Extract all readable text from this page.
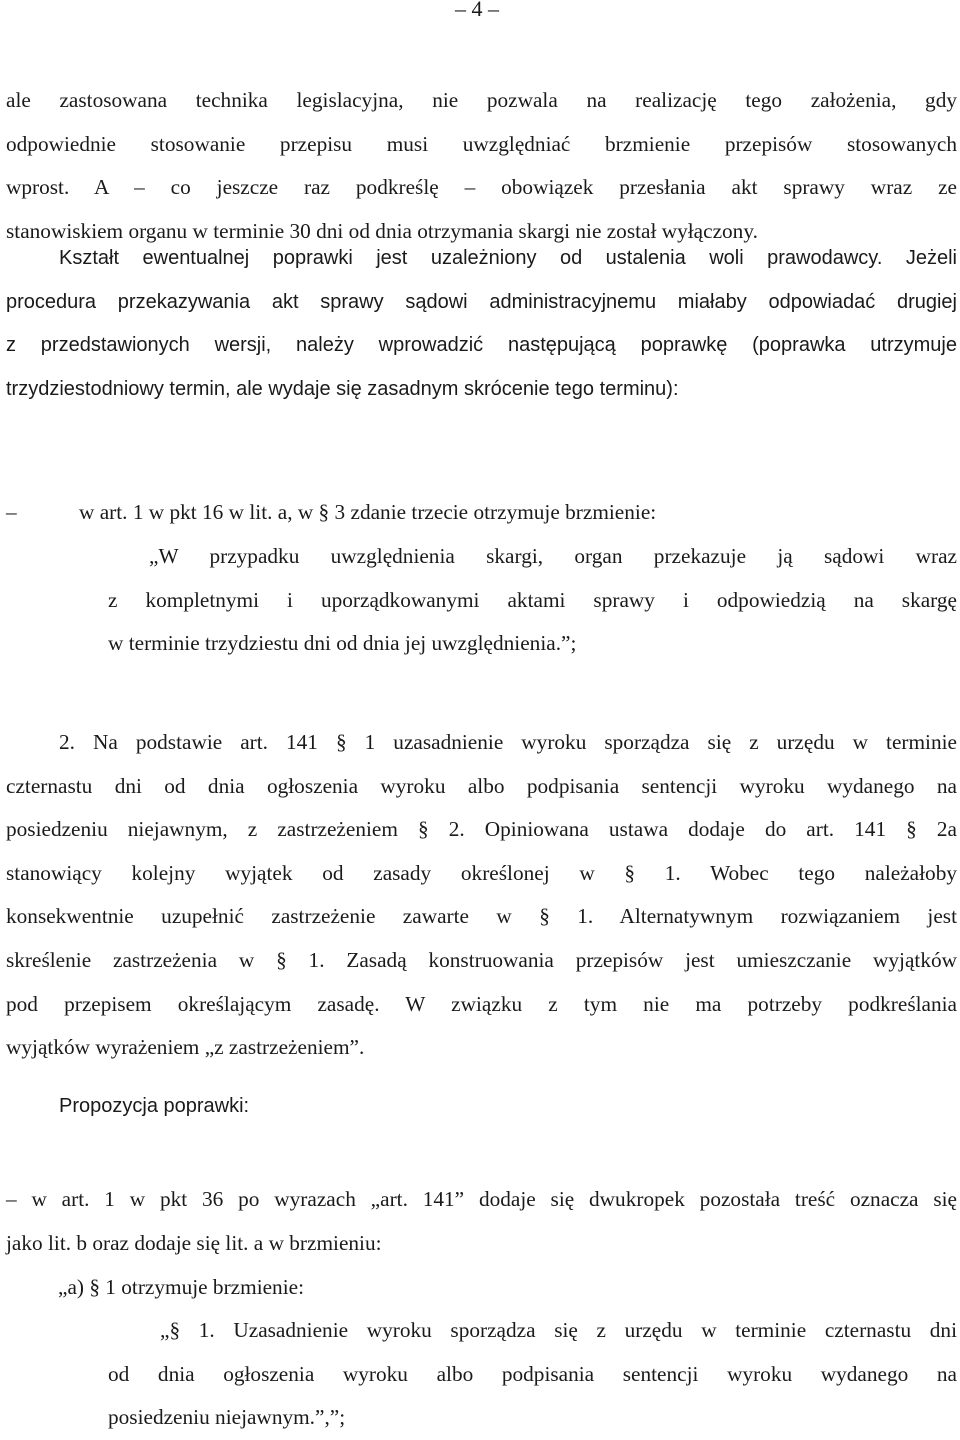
– 4 –
ale zastosowana technika legislacyjna, nie pozwala na realizację tego założenia, gdy
odpowiednie stosowanie przepisu musi uwzględniać brzmienie przepisów stosowanych
wprost. A – co jeszcze raz podkreślę – obowiązek przesłania akt sprawy wraz ze
stanowiskiem organu w terminie 30 dni od dnia otrzymania skargi nie został wyłączony.
Kształt ewentualnej poprawki jest uzależniony od ustalenia woli prawodawcy. Jeżeli
procedura przekazywania akt sprawy sądowi administracyjnemu miałaby odpowiadać drugiej
z przedstawionych wersji, należy wprowadzić następującą poprawkę (poprawka utrzymuje
trzydziestodniowy termin, ale wydaje się zasadnym skrócenie tego terminu):
–	w art. 1 w pkt 16 w lit. a, w § 3 zdanie trzecie otrzymuje brzmienie:
„W przypadku uwzględnienia skargi, organ przekazuje ją sądowi wraz
z kompletnymi i uporządkowanymi aktami sprawy i odpowiedzią na skargę
w terminie trzydziestu dni od dnia jej uwzględnienia.”;
2. Na podstawie art. 141 § 1 uzasadnienie wyroku sporządza się z urzędu w terminie
czternastu dni od dnia ogłoszenia wyroku albo podpisania sentencji wyroku wydanego na
posiedzeniu niejawnym, z zastrzeżeniem § 2. Opiniowana ustawa dodaje do art. 141 § 2a
stanowiący kolejny wyjątek od zasady określonej w § 1. Wobec tego należałoby
konsekwentnie uzupełnić zastrzeżenie zawarte w § 1. Alternatywnym rozwiązaniem jest
skreślenie zastrzeżenia w § 1. Zasadą konstruowania przepisów jest umieszczanie wyjątków
pod przepisem określającym zasadę. W związku z tym nie ma potrzeby podkreślania
wyjątków wyrażeniem „z zastrzeżeniem”.
Propozycja poprawki:
– w art. 1 w pkt 36 po wyrazach „art. 141” dodaje się dwukropek pozostała treść oznacza się
jako lit. b oraz dodaje się lit. a w brzmieniu:
„a) § 1 otrzymuje brzmienie:
„§ 1. Uzasadnienie wyroku sporządza się z urzędu w terminie czternastu dni
od dnia ogłoszenia wyroku albo podpisania sentencji wyroku wydanego na
posiedzeniu niejawnym.”,”;
